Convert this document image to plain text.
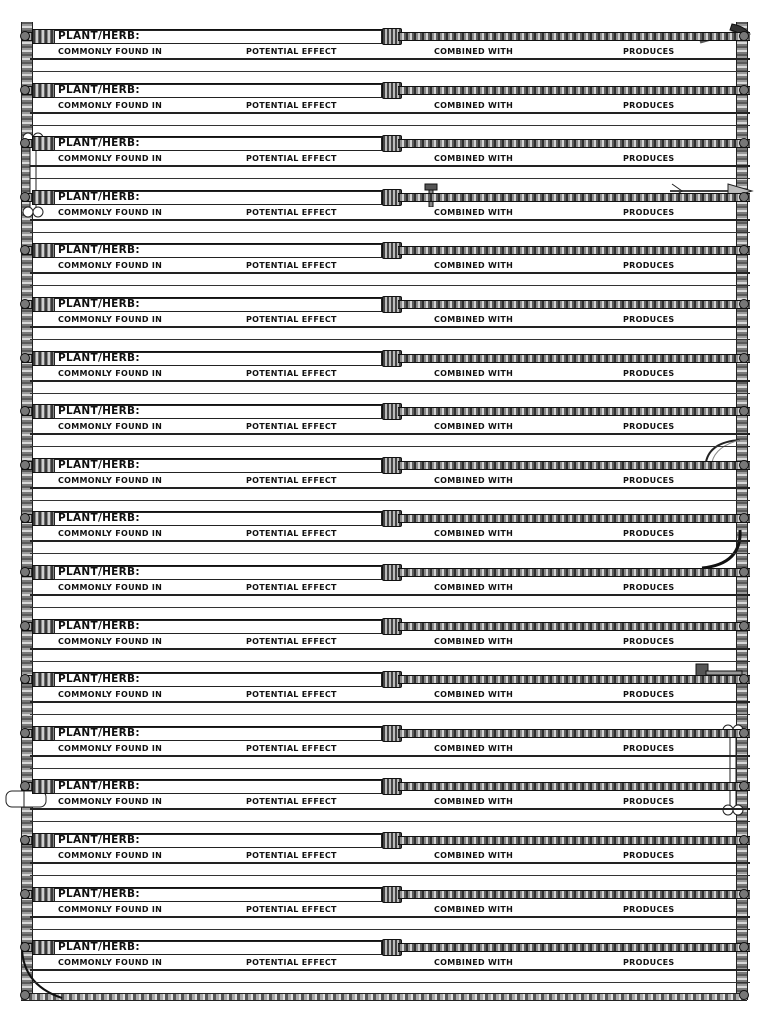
PLANT/HERB:
COMMONLY FOUND IN	POTENTIAL EFFECT	COMBINED WITH	PRODUCES
PLANT/HERB:
COMMONLY FOUND IN	POTENTIAL EFFECT	COMBINED WITH	PRODUCES
PLANT/HERB:
COMMONLY FOUND IN	POTENTIAL EFFECT	COMBINED WITH	PRODUCES
PLANT/HERB:
COMMONLY FOUND IN	POTENTIAL EFFECT	COMBINED WITH	PRODUCES
PLANT/HERB:
COMMONLY FOUND IN	POTENTIAL EFFECT	COMBINED WITH	PRODUCES
PLANT/HERB:
COMMONLY FOUND IN	POTENTIAL EFFECT	COMBINED WITH	PRODUCES
PLANT/HERB:
COMMONLY FOUND IN	POTENTIAL EFFECT	COMBINED WITH	PRODUCES
PLANT/HERB:
COMMONLY FOUND IN	POTENTIAL EFFECT	COMBINED WITH	PRODUCES
PLANT/HERB:
COMMONLY FOUND IN	POTENTIAL EFFECT	COMBINED WITH	PRODUCES
PLANT/HERB:
COMMONLY FOUND IN	POTENTIAL EFFECT	COMBINED WITH	PRODUCES
PLANT/HERB:
COMMONLY FOUND IN	POTENTIAL EFFECT	COMBINED WITH	PRODUCES
PLANT/HERB:
COMMONLY FOUND IN	POTENTIAL EFFECT	COMBINED WITH	PRODUCES
PLANT/HERB:
COMMONLY FOUND IN	POTENTIAL EFFECT	COMBINED WITH	PRODUCES
PLANT/HERB:
COMMONLY FOUND IN	POTENTIAL EFFECT	COMBINED WITH	PRODUCES
PLANT/HERB:
COMMONLY FOUND IN	POTENTIAL EFFECT	COMBINED WITH	PRODUCES
PLANT/HERB:
COMMONLY FOUND IN	POTENTIAL EFFECT	COMBINED WITH	PRODUCES
PLANT/HERB:
COMMONLY FOUND IN	POTENTIAL EFFECT	COMBINED WITH	PRODUCES
PLANT/HERB:
COMMONLY FOUND IN	POTENTIAL EFFECT	COMBINED WITH	PRODUCES
